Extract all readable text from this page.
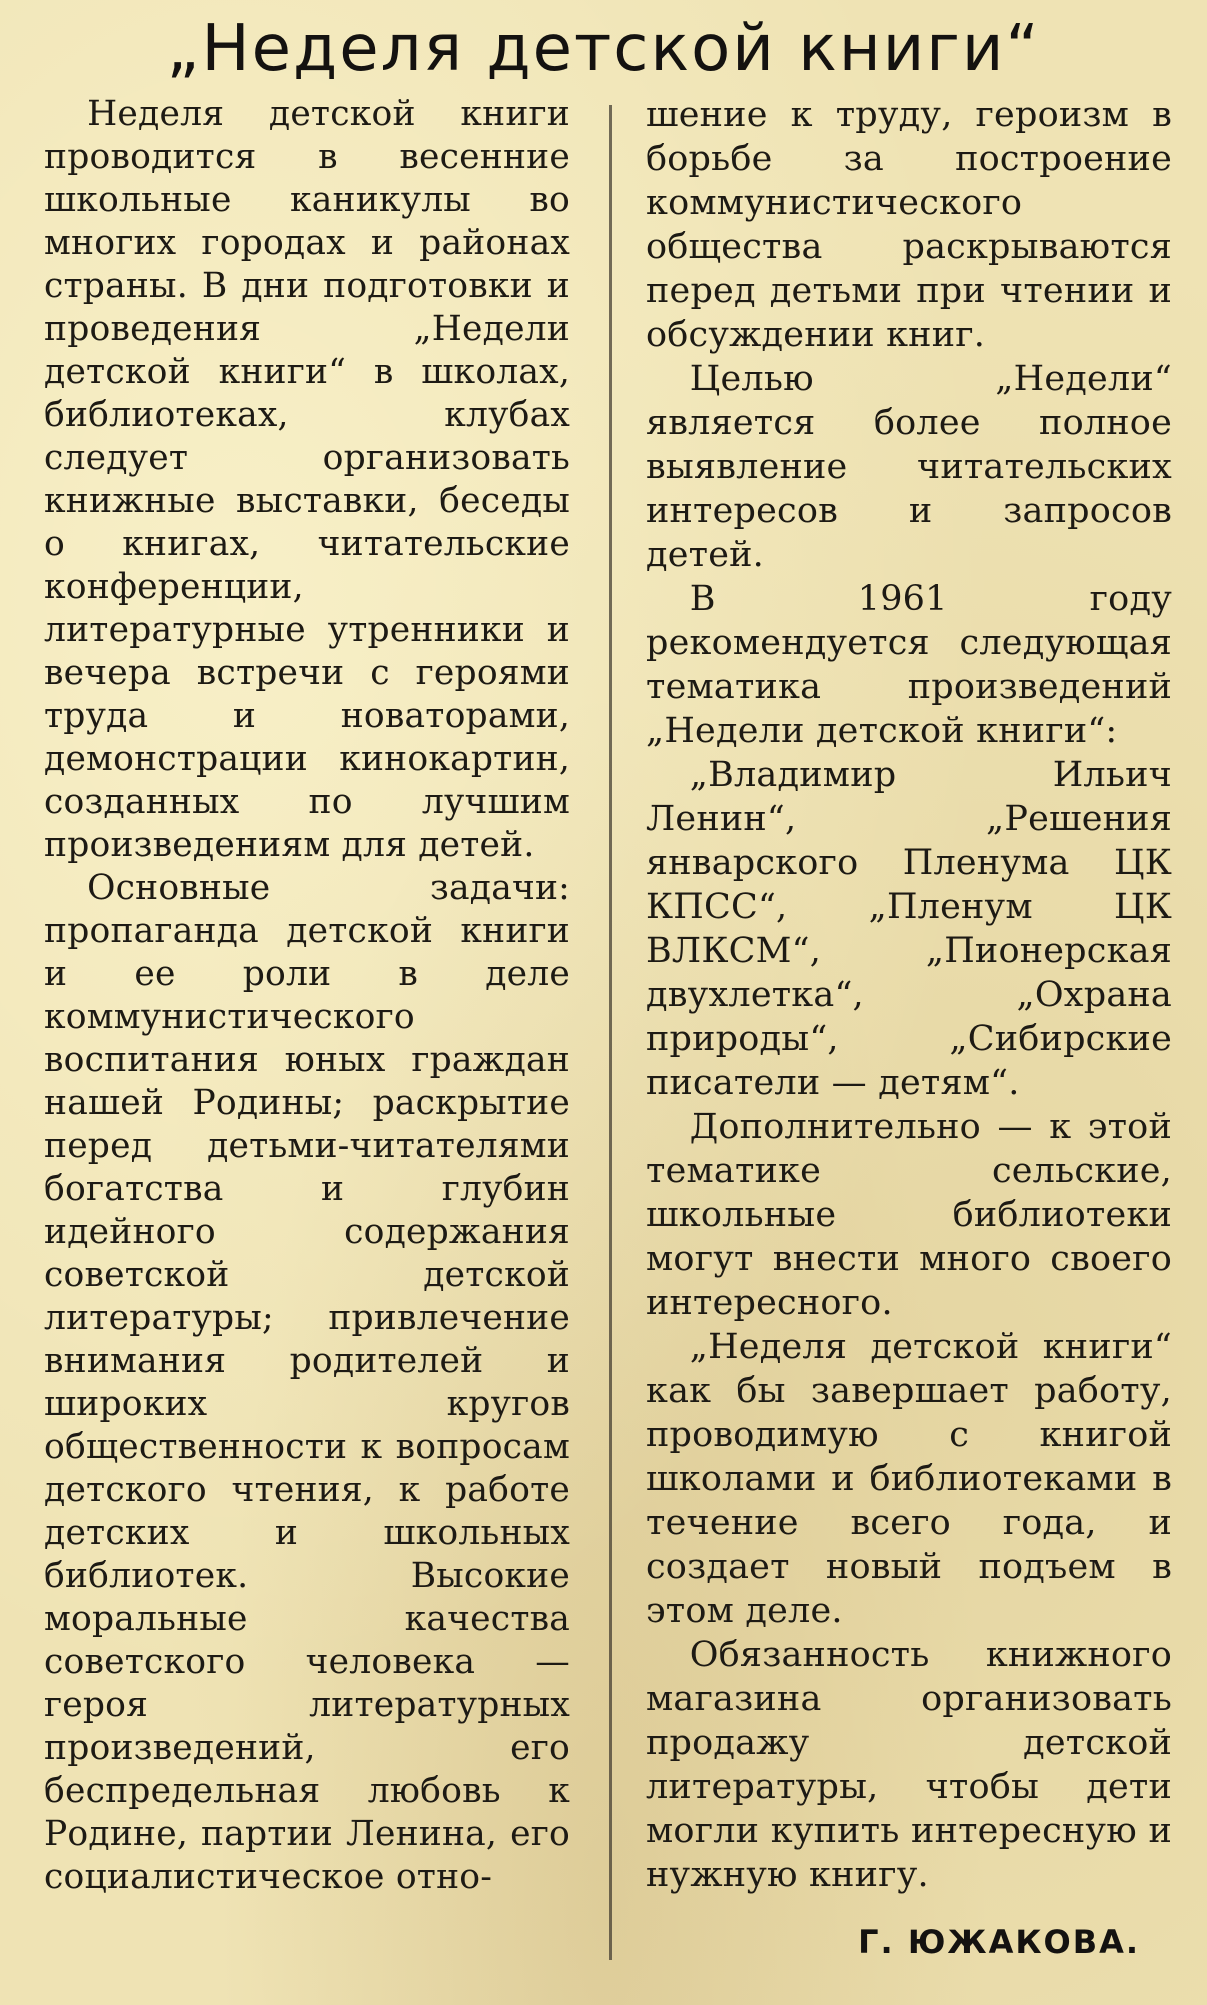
„Неделя детской книги“

Неделя детской книги проводится в весенние школьные каникулы во многих городах и районах страны. В дни подготовки и проведения „Недели детской книги“ в школах, библиотеках, клубах следует организовать книжные выставки, беседы о книгах, читательские конференции, литературные утренники и вечера встречи с героями труда и новаторами, демонстрации кинокартин, созданных по лучшим произведениям для детей.

Основные задачи: пропаганда детской книги и ее роли в деле коммунистического воспитания юных граждан нашей Родины; раскрытие перед детьми-читателями богатства и глубин идейного содержания советской детской литературы; привлечение внимания родителей и широких кругов общественности к вопросам детского чтения, к работе детских и школьных библиотек. Высокие моральные качества советского человека — героя литературных произведений, его беспредельная любовь к Родине, партии Ленина, его социалистическое отно-

шение к труду, героизм в борьбе за построение коммунистического общества раскрываются перед детьми при чтении и обсуждении книг.

Целью „Недели“ является более полное выявление читательских интересов и запросов детей.

В 1961 году рекомендуется следующая тематика произведений „Недели детской книги“:

„Владимир Ильич Ленин“, „Решения январского Пленума ЦК КПСС“, „Пленум ЦК ВЛКСМ“, „Пионерская двухлетка“, „Охрана природы“, „Сибирские писатели — детям“.

Дополнительно — к этой тематике сельские, школьные библиотеки могут внести много своего интересного.

„Неделя детской книги“ как бы завершает работу, проводимую с книгой школами и библиотеками в течение всего года, и создает новый подъем в этом деле.

Обязанность книжного магазина организовать продажу детской литературы, чтобы дети могли купить интересную и нужную книгу.

Г. ЮЖАКОВА.
